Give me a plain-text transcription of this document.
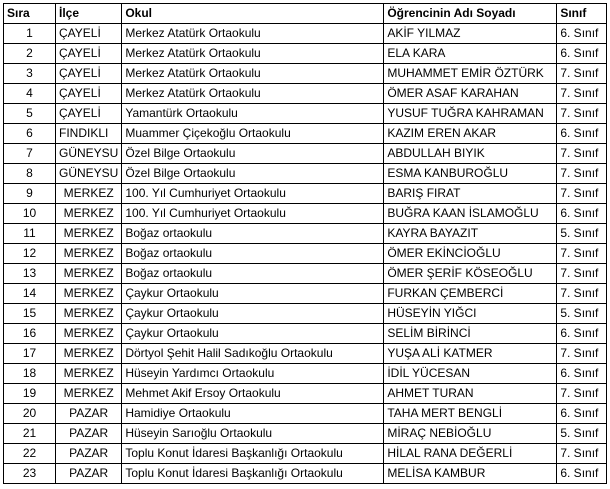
Sıra	İlçe	Okul	Öğrencinin Adı Soyadı	Sınıf
1	ÇAYELİ	Merkez Atatürk Ortaokulu	AKİF YILMAZ	6. Sınıf
2	ÇAYELİ	Merkez Atatürk Ortaokulu	ELA KARA	6. Sınıf
3	ÇAYELİ	Merkez Atatürk Ortaokulu	MUHAMMET EMİR ÖZTÜRK	7. Sınıf
4	ÇAYELİ	Merkez Atatürk Ortaokulu	ÖMER ASAF KARAHAN	7. Sınıf
5	ÇAYELİ	Yamantürk Ortaokulu	YUSUF TUĞRA KAHRAMAN	7. Sınıf
6	FINDIKLI	Muammer Çiçekoğlu Ortaokulu	KAZIM EREN AKAR	6. Sınıf
7	GÜNEYSU	Özel Bilge Ortaokulu	ABDULLAH BIYIK	7. Sınıf
8	GÜNEYSU	Özel Bilge Ortaokulu	ESMA KANBUROĞLU	7. Sınıf
9	MERKEZ	100. Yıl Cumhuriyet Ortaokulu	BARIŞ FIRAT	7. Sınıf
10	MERKEZ	100. Yıl Cumhuriyet Ortaokulu	BUĞRA KAAN İSLAMOĞLU	6. Sınıf
11	MERKEZ	Boğaz ortaokulu	KAYRA BAYAZIT	5. Sınıf
12	MERKEZ	Boğaz ortaokulu	ÖMER EKİNCİOĞLU	7. Sınıf
13	MERKEZ	Boğaz ortaokulu	ÖMER ŞERİF KÖSEOĞLU	7. Sınıf
14	MERKEZ	Çaykur Ortaokulu	FURKAN ÇEMBERCİ	7. Sınıf
15	MERKEZ	Çaykur Ortaokulu	HÜSEYİN YIĞCI	5. Sınıf
16	MERKEZ	Çaykur Ortaokulu	SELİM BİRİNCİ	6. Sınıf
17	MERKEZ	Dörtyol Şehit Halil Sadıkoğlu Ortaokulu	YUŞA ALİ KATMER	7. Sınıf
18	MERKEZ	Hüseyin Yardımcı Ortaokulu	İDİL YÜCESAN	6. Sınıf
19	MERKEZ	Mehmet Akif Ersoy Ortaokulu	AHMET TURAN	7. Sınıf
20	PAZAR	Hamidiye Ortaokulu	TAHA MERT BENGLİ	6. Sınıf
21	PAZAR	Hüseyin Sarıoğlu Ortaokulu	MİRAÇ NEBİOĞLU	5. Sınıf
22	PAZAR	Toplu Konut İdaresi Başkanlığı Ortaokulu	HİLAL RANA DEĞERLİ	7. Sınıf
23	PAZAR	Toplu Konut İdaresi Başkanlığı Ortaokulu	MELİSA KAMBUR	6. Sınıf
